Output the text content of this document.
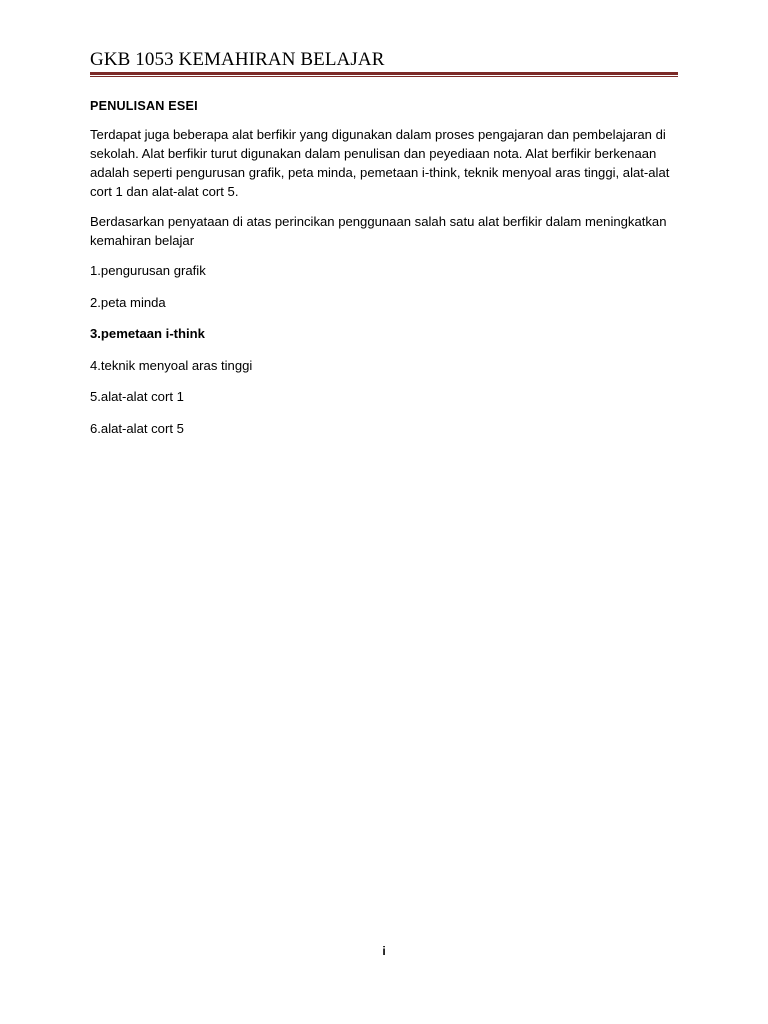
GKB 1053 KEMAHIRAN BELAJAR
PENULISAN ESEI

Terdapat juga beberapa alat berfikir yang digunakan dalam proses pengajaran dan pembelajaran di sekolah. Alat berfikir turut digunakan dalam penulisan dan peyediaan nota. Alat berfikir berkenaan adalah seperti pengurusan grafik, peta minda, pemetaan i-think, teknik menyoal aras tinggi, alat-alat cort 1 dan alat-alat cort 5.

Berdasarkan penyataan di atas perincikan penggunaan salah satu alat berfikir dalam meningkatkan kemahiran belajar

1.pengurusan grafik
2.peta minda
3.pemetaan i-think
4.teknik menyoal aras tinggi
5.alat-alat cort 1
6.alat-alat cort 5
i
